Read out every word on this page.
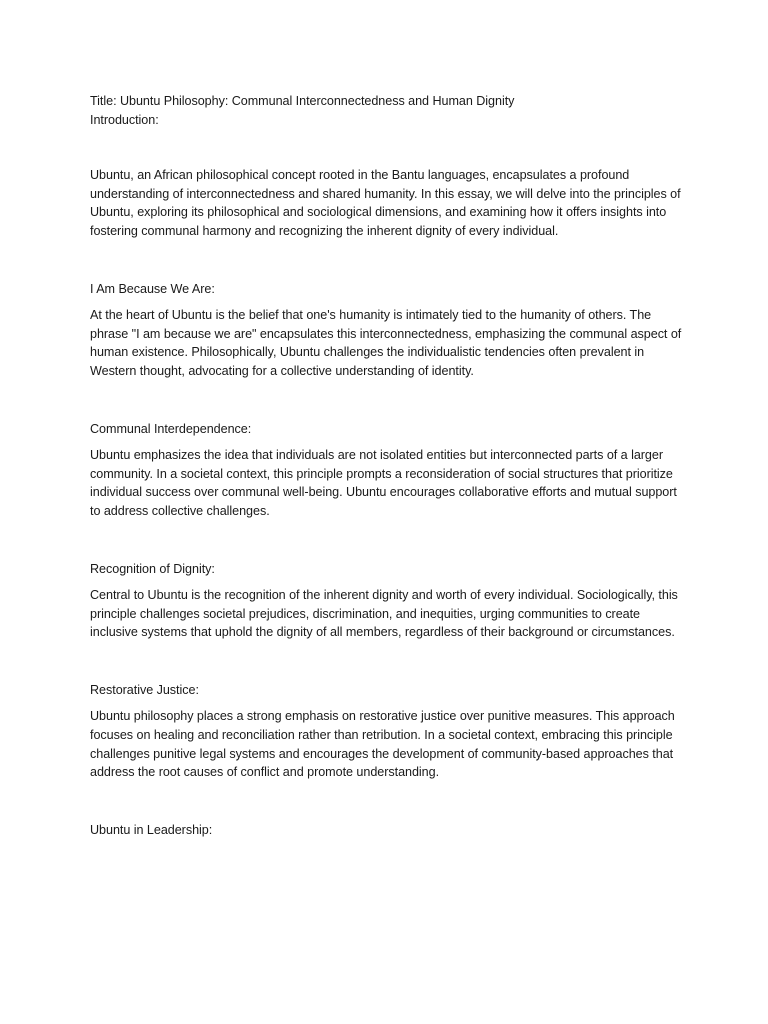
Title: Ubuntu Philosophy: Communal Interconnectedness and Human Dignity

Introduction:

Ubuntu, an African philosophical concept rooted in the Bantu languages, encapsulates a profound understanding of interconnectedness and shared humanity. In this essay, we will delve into the principles of Ubuntu, exploring its philosophical and sociological dimensions, and examining how it offers insights into fostering communal harmony and recognizing the inherent dignity of every individual.

I Am Because We Are:

At the heart of Ubuntu is the belief that one's humanity is intimately tied to the humanity of others. The phrase "I am because we are" encapsulates this interconnectedness, emphasizing the communal aspect of human existence. Philosophically, Ubuntu challenges the individualistic tendencies often prevalent in Western thought, advocating for a collective understanding of identity.

Communal Interdependence:

Ubuntu emphasizes the idea that individuals are not isolated entities but interconnected parts of a larger community. In a societal context, this principle prompts a reconsideration of social structures that prioritize individual success over communal well-being. Ubuntu encourages collaborative efforts and mutual support to address collective challenges.

Recognition of Dignity:

Central to Ubuntu is the recognition of the inherent dignity and worth of every individual. Sociologically, this principle challenges societal prejudices, discrimination, and inequities, urging communities to create inclusive systems that uphold the dignity of all members, regardless of their background or circumstances.

Restorative Justice:

Ubuntu philosophy places a strong emphasis on restorative justice over punitive measures. This approach focuses on healing and reconciliation rather than retribution. In a societal context, embracing this principle challenges punitive legal systems and encourages the development of community-based approaches that address the root causes of conflict and promote understanding.

Ubuntu in Leadership:
